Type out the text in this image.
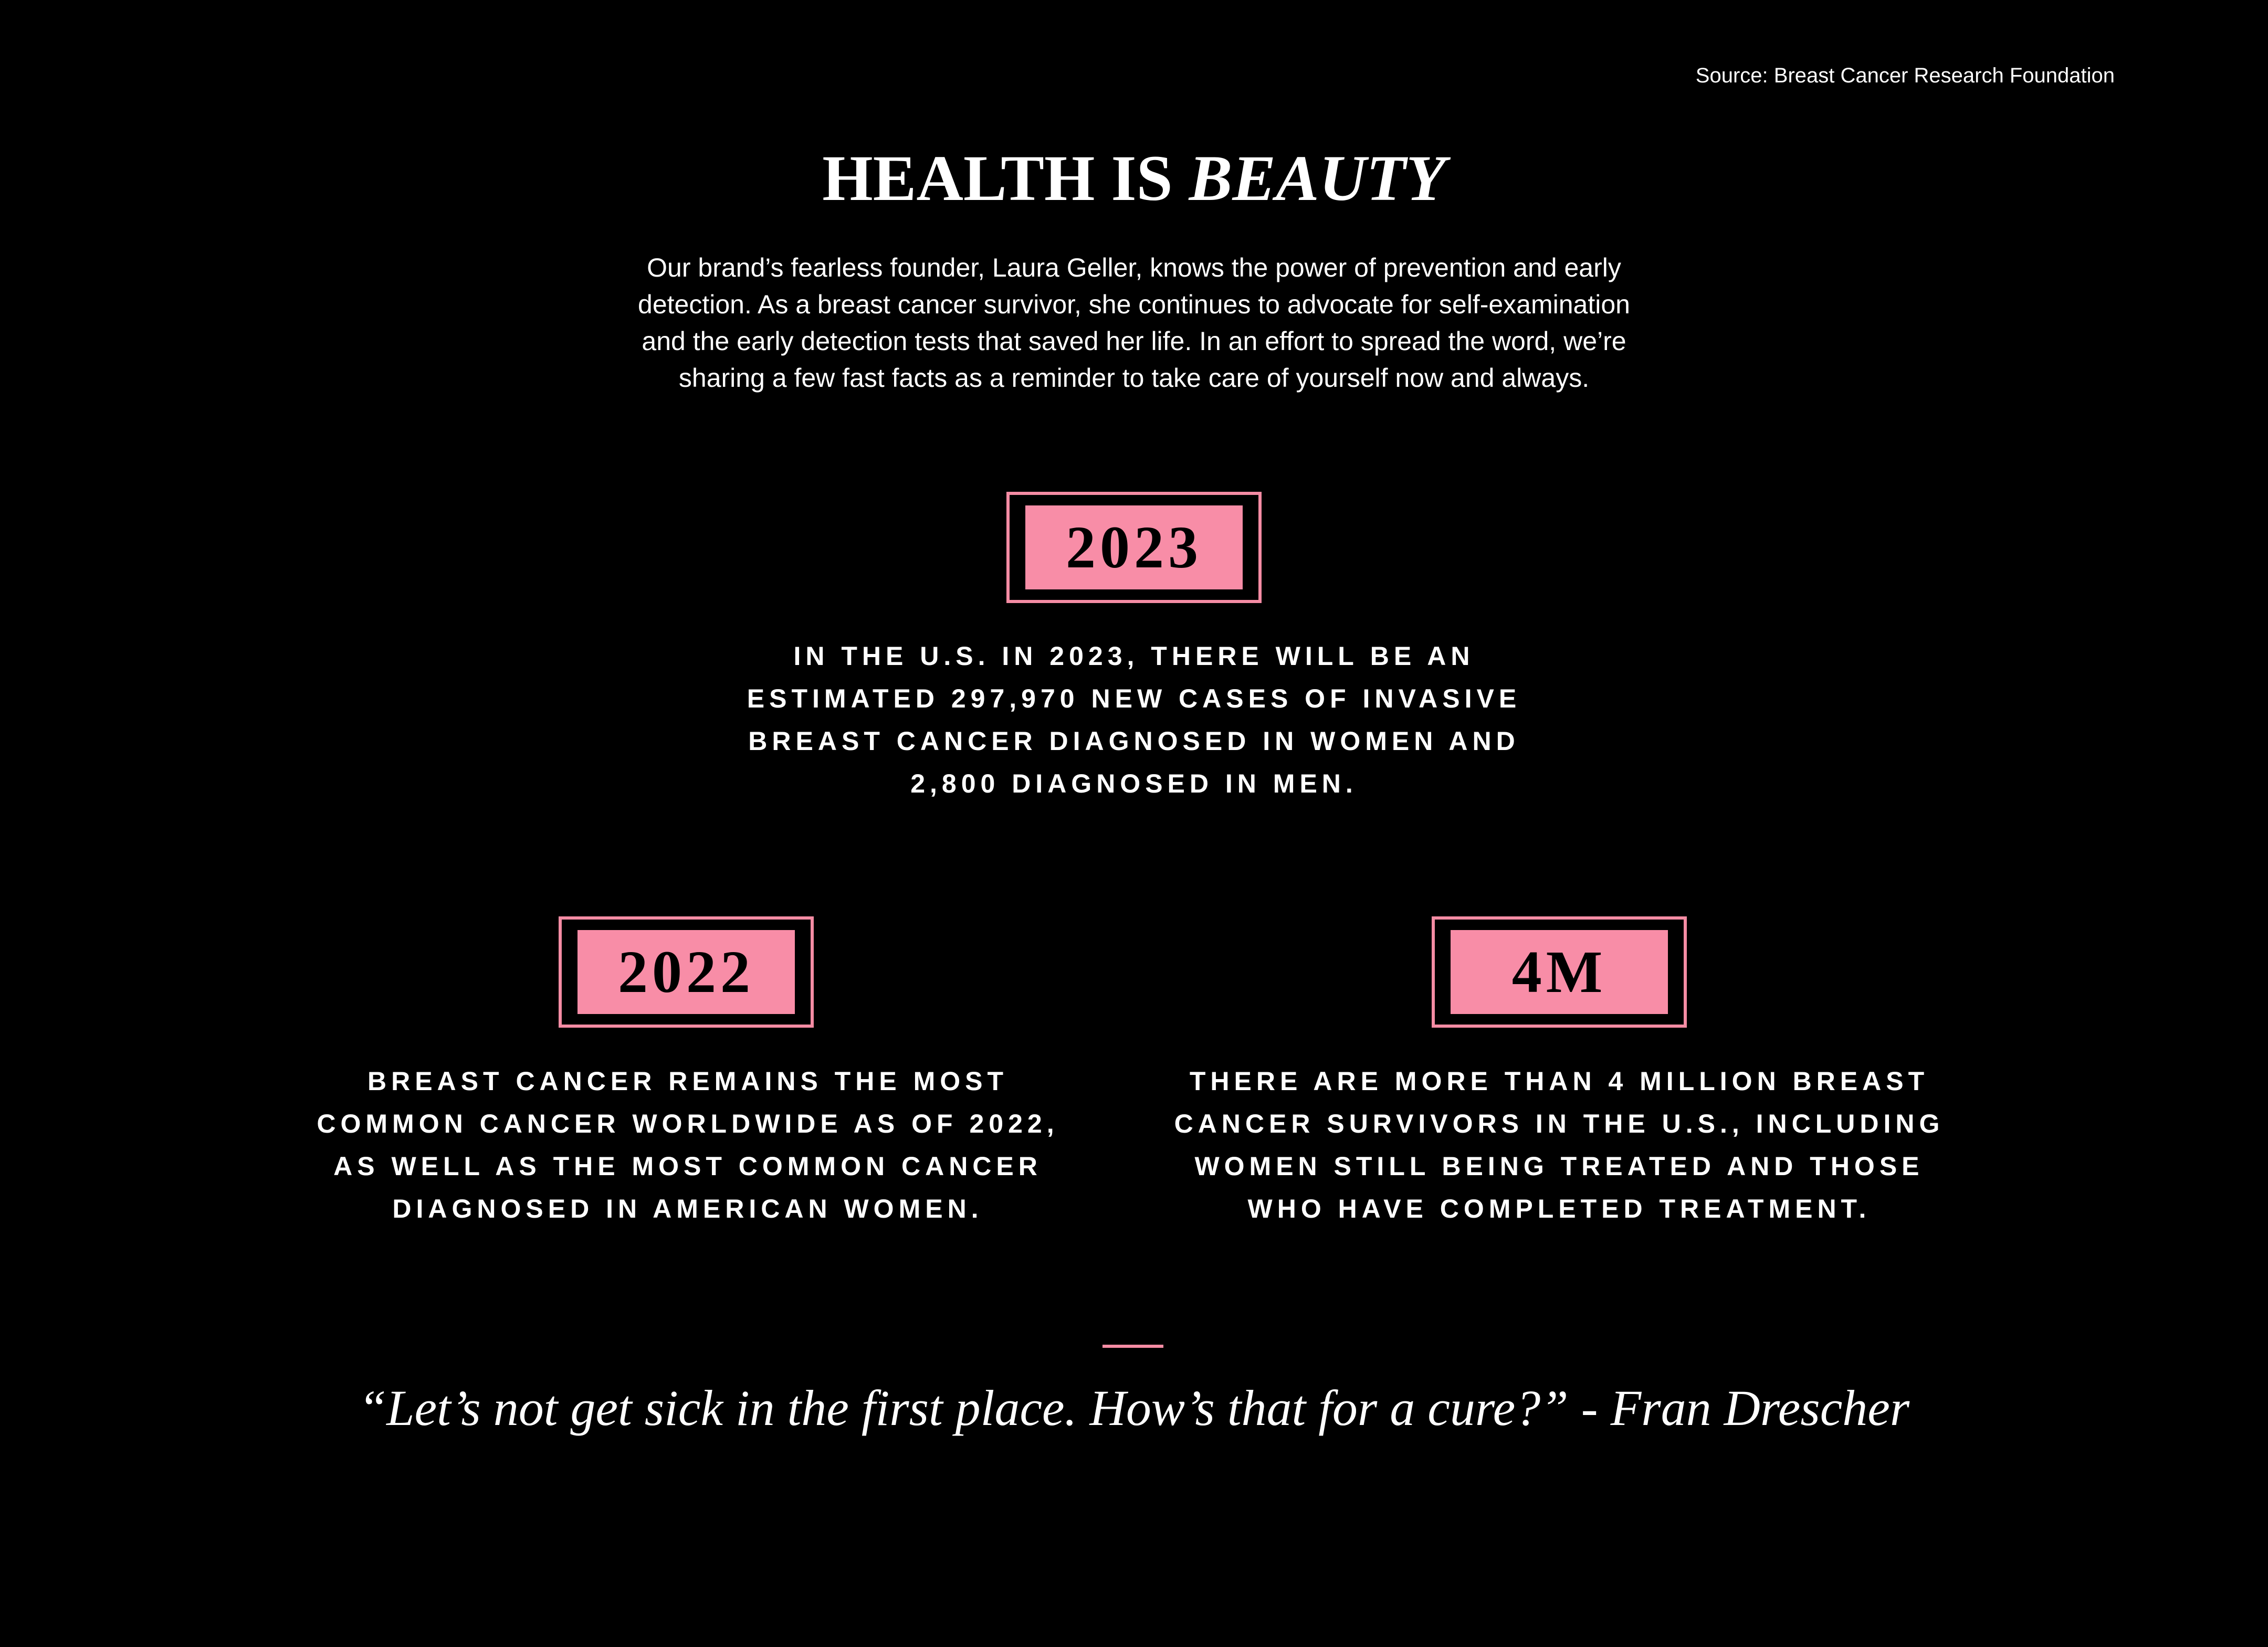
Source: Breast Cancer Research Foundation
HEALTH IS BEAUTY
Our brand’s fearless founder, Laura Geller, knows the power of prevention and early
detection. As a breast cancer survivor, she continues to advocate for self-examination
and the early detection tests that saved her life. In an effort to spread the word, we’re
sharing a few fast facts as a reminder to take care of yourself now and always.
2023
IN THE U.S. IN 2023, THERE WILL BE AN
ESTIMATED 297,970 NEW CASES OF INVASIVE
BREAST CANCER DIAGNOSED IN WOMEN AND
2,800 DIAGNOSED IN MEN.
2022
BREAST CANCER REMAINS THE MOST
COMMON CANCER WORLDWIDE AS OF 2022,
AS WELL AS THE MOST COMMON CANCER
DIAGNOSED IN AMERICAN WOMEN.
4M
THERE ARE MORE THAN 4 MILLION BREAST
CANCER SURVIVORS IN THE U.S., INCLUDING
WOMEN STILL BEING TREATED AND THOSE
WHO HAVE COMPLETED TREATMENT.
“Let’s not get sick in the first place. How’s that for a cure?” - Fran Drescher
